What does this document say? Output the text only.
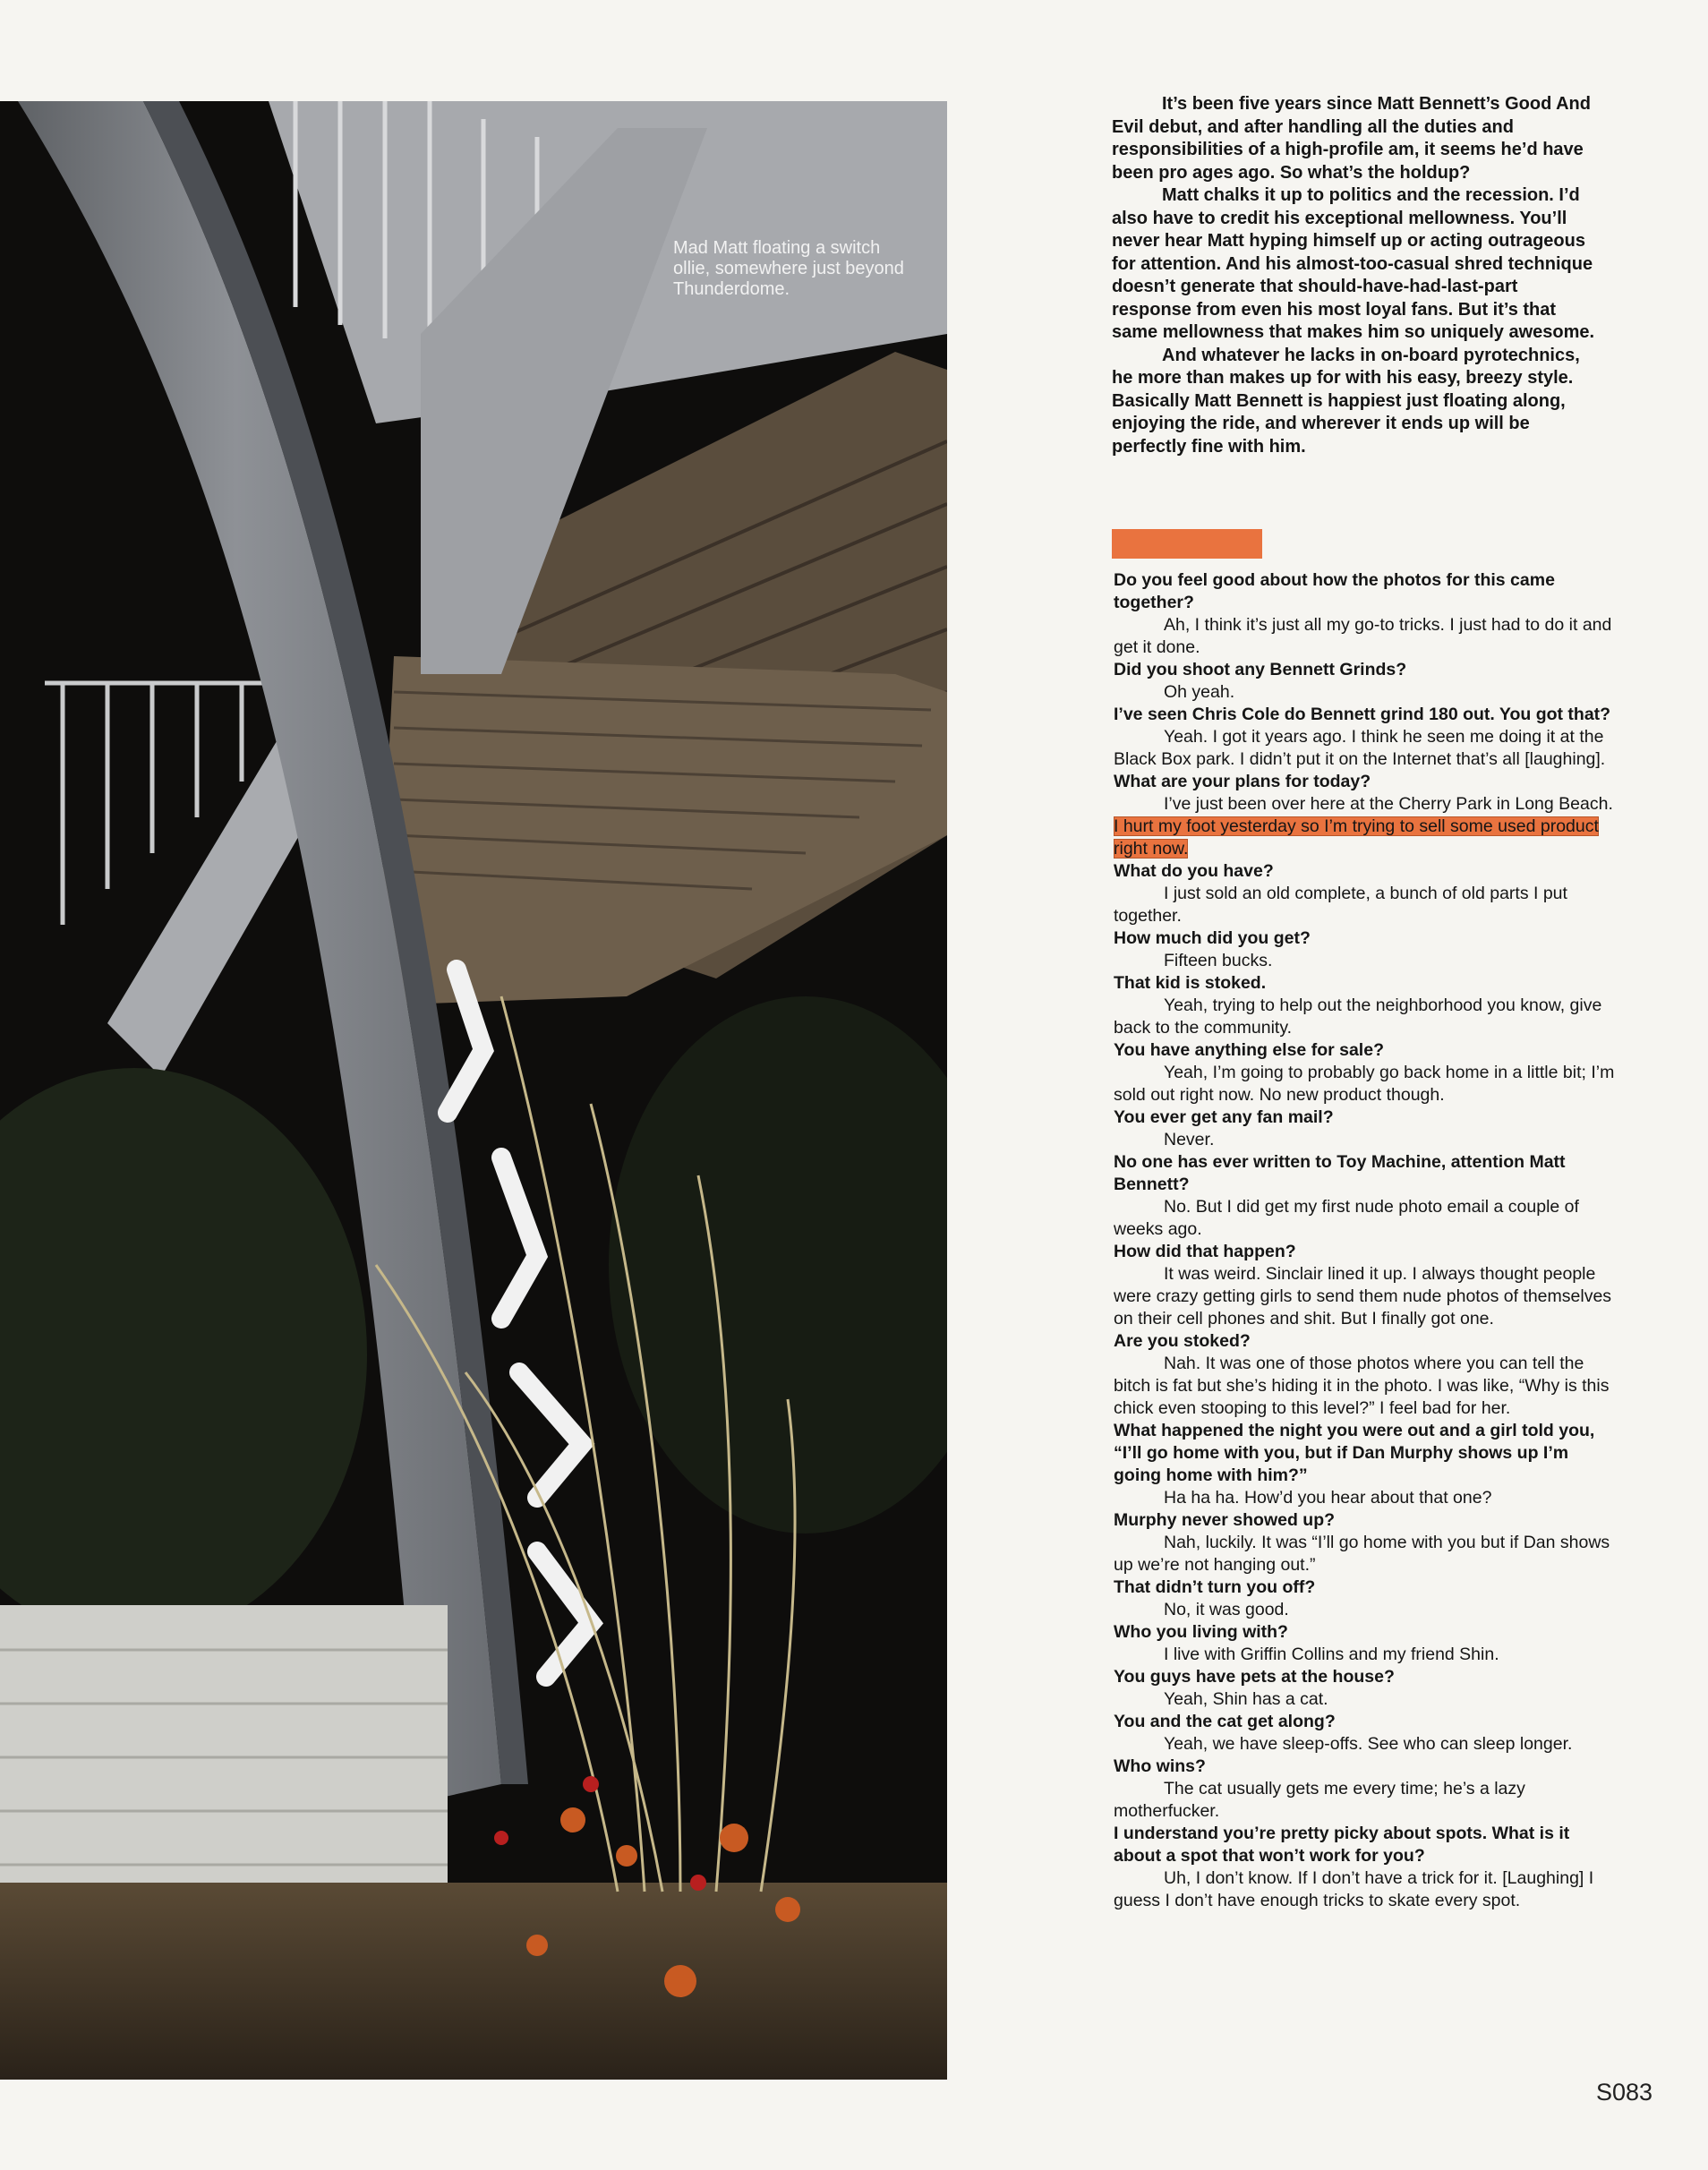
Mad Matt floating a switch ollie, somewhere just beyond Thunderdome.

It’s been five years since Matt Bennett’s Good And Evil debut, and after handling all the duties and responsibilities of a high-profile am, it seems he’d have been pro ages ago. So what’s the holdup?

Matt chalks it up to politics and the recession. I’d also have to credit his exceptional mellowness. You’ll never hear Matt hyping himself up or acting outrageous for attention. And his almost-too-casual shred technique doesn’t generate that should-have-had-last-part response from even his most loyal fans. But it’s that same mellowness that makes him so uniquely awesome.

And whatever he lacks in on-board pyrotechnics, he more than makes up for with his easy, breezy style. Basically Matt Bennett is happiest just floating along, enjoying the ride, and wherever it ends up will be perfectly fine with him.

Do you feel good about how the photos for this came together?

Ah, I think it’s just all my go-to tricks. I just had to do it and get it done.

Did you shoot any Bennett Grinds?

Oh yeah.

I’ve seen Chris Cole do Bennett grind 180 out. You got that?

Yeah. I got it years ago. I think he seen me doing it at the Black Box park. I didn’t put it on the Internet that’s all [laughing].

What are your plans for today?

I’ve just been over here at the Cherry Park in Long Beach. I hurt my foot yesterday so I’m trying to sell some used product right now.

What do you have?

I just sold an old complete, a bunch of old parts I put together.

How much did you get?

Fifteen bucks.

That kid is stoked.

Yeah, trying to help out the neighborhood you know, give back to the community.

You have anything else for sale?

Yeah, I’m going to probably go back home in a little bit; I’m sold out right now. No new product though.

You ever get any fan mail?

Never.

No one has ever written to Toy Machine, attention Matt Bennett?

No. But I did get my first nude photo email a couple of weeks ago.

How did that happen?

It was weird. Sinclair lined it up. I always thought people were crazy getting girls to send them nude photos of themselves on their cell phones and shit. But I finally got one.

Are you stoked?

Nah. It was one of those photos where you can tell the bitch is fat but she’s hiding it in the photo. I was like, “Why is this chick even stooping to this level?” I feel bad for her.

What happened the night you were out and a girl told you, “I’ll go home with you, but if Dan Murphy shows up I’m going home with him?”

Ha ha ha. How’d you hear about that one?

Murphy never showed up?

Nah, luckily. It was “I’ll go home with you but if Dan shows up we’re not hanging out.”

That didn’t turn you off?

No, it was good.

Who you living with?

I live with Griffin Collins and my friend Shin.

You guys have pets at the house?

Yeah, Shin has a cat.

You and the cat get along?

Yeah, we have sleep-offs. See who can sleep longer.

Who wins?

The cat usually gets me every time; he’s a lazy motherfucker.

I understand you’re pretty picky about spots. What is it about a spot that won’t work for you?

Uh, I don’t know. If I don’t have a trick for it. [Laughing] I guess I don’t have enough tricks to skate every spot.

S083
